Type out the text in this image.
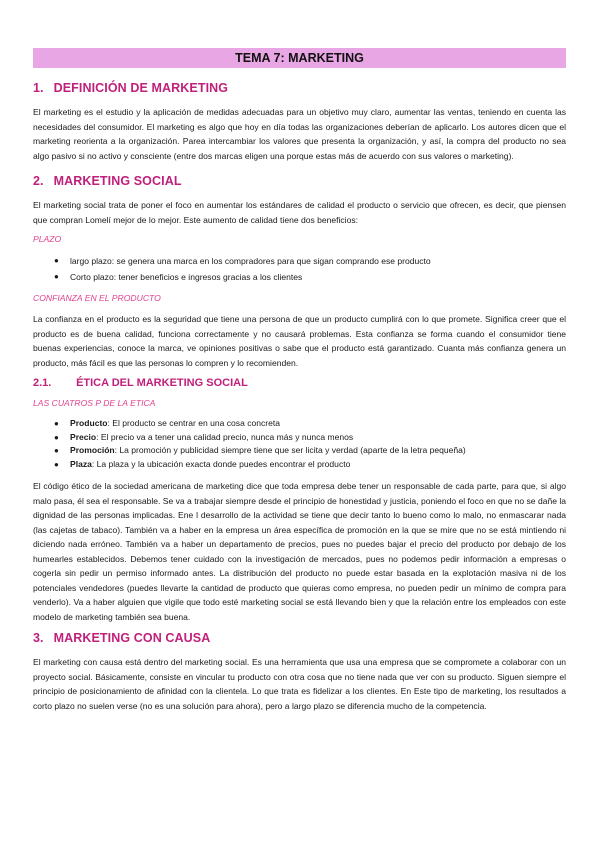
TEMA 7: MARKETING
1. DEFINICIÓN DE MARKETING

El marketing es el estudio y la aplicación de medidas adecuadas para un objetivo muy claro, aumentar las ventas, teniendo en cuenta las necesidades del consumidor. El marketing es algo que hoy en día todas las organizaciones deberían de aplicarlo. Los autores dicen que el marketing reorienta a la organización. Parea intercambiar los valores que presenta la organización, y así, la compra del producto no sea algo pasivo si no activo y consciente (entre dos marcas eligen una porque estas más de acuerdo con sus valores o marketing).

2. MARKETING SOCIAL

El marketing social trata de poner el foco en aumentar los estándares de calidad el producto o servicio que ofrecen, es decir, que piensen que compran Lomelí mejor de lo mejor. Este aumento de calidad tiene dos beneficios:

PLAZO
● largo plazo: se genera una marca en los compradores para que sigan comprando ese producto
● Corto plazo: tener beneficios e ingresos gracias a los clientes
CONFIANZA EN EL PRODUCTO

La confianza en el producto es la seguridad que tiene una persona de que un producto cumplirá con lo que promete. Significa creer que el producto es de buena calidad, funciona correctamente y no causará problemas. Esta confianza se forma cuando el consumidor tiene buenas experiencias, conoce la marca, ve opiniones positivas o sabe que el producto está garantizado. Cuanta más confianza genera un producto, más fácil es que las personas lo compren y lo recomienden.

2.1. ÉTICA DEL MARKETING SOCIAL
LAS CUATROS P DE LA ETICA
● Producto: El producto se centrar en una cosa concreta
● Precio: El precio va a tener una calidad precio, nunca más y nunca menos
● Promoción: La promoción y publicidad siempre tiene que ser licita y verdad (aparte de la letra pequeña)
● Plaza: La plaza y la ubicación exacta donde puedes encontrar el producto

El código ético de la sociedad americana de marketing dice que toda empresa debe tener un responsable de cada parte, para que, si algo malo pasa, él sea el responsable. Se va a trabajar siempre desde el principio de honestidad y justicia, poniendo el foco en que no se dañe la dignidad de las personas implicadas. Ene l desarrollo de la actividad se tiene que decir tanto lo bueno como lo malo, no enmascarar nada (las cajetas de tabaco). También va a haber en la empresa un área específica de promoción en la que se mire que no se está mintiendo ni diciendo nada erróneo. También va a haber un departamento de precios, pues no puedes bajar el precio del producto por debajo de los humearles establecidos. Debemos tener cuidado con la investigación de mercados, pues no podemos pedir información a empresas o cogerla sin pedir un permiso informado antes. La distribución del producto no puede estar basada en la explotación masiva ni de los potenciales vendedores (puedes llevarte la cantidad de producto que quieras como empresa, no pueden pedir un mínimo de compra para venderlo). Va a haber alguien que vigile que todo esté marketing social se está llevando bien y que la relación entre los empleados con este modelo de marketing también sea buena.

3. MARKETING CON CAUSA

El marketing con causa está dentro del marketing social. Es una herramienta que usa una empresa que se compromete a colaborar con un proyecto social. Básicamente, consiste en vincular tu producto con otra cosa que no tiene nada que ver con su producto. Siguen siempre el principio de posicionamiento de afinidad con la clientela. Lo que trata es fidelizar a los clientes. En Este tipo de marketing, los resultados a corto plazo no suelen verse (no es una solución para ahora), pero a largo plazo se diferencia mucho de la competencia.
